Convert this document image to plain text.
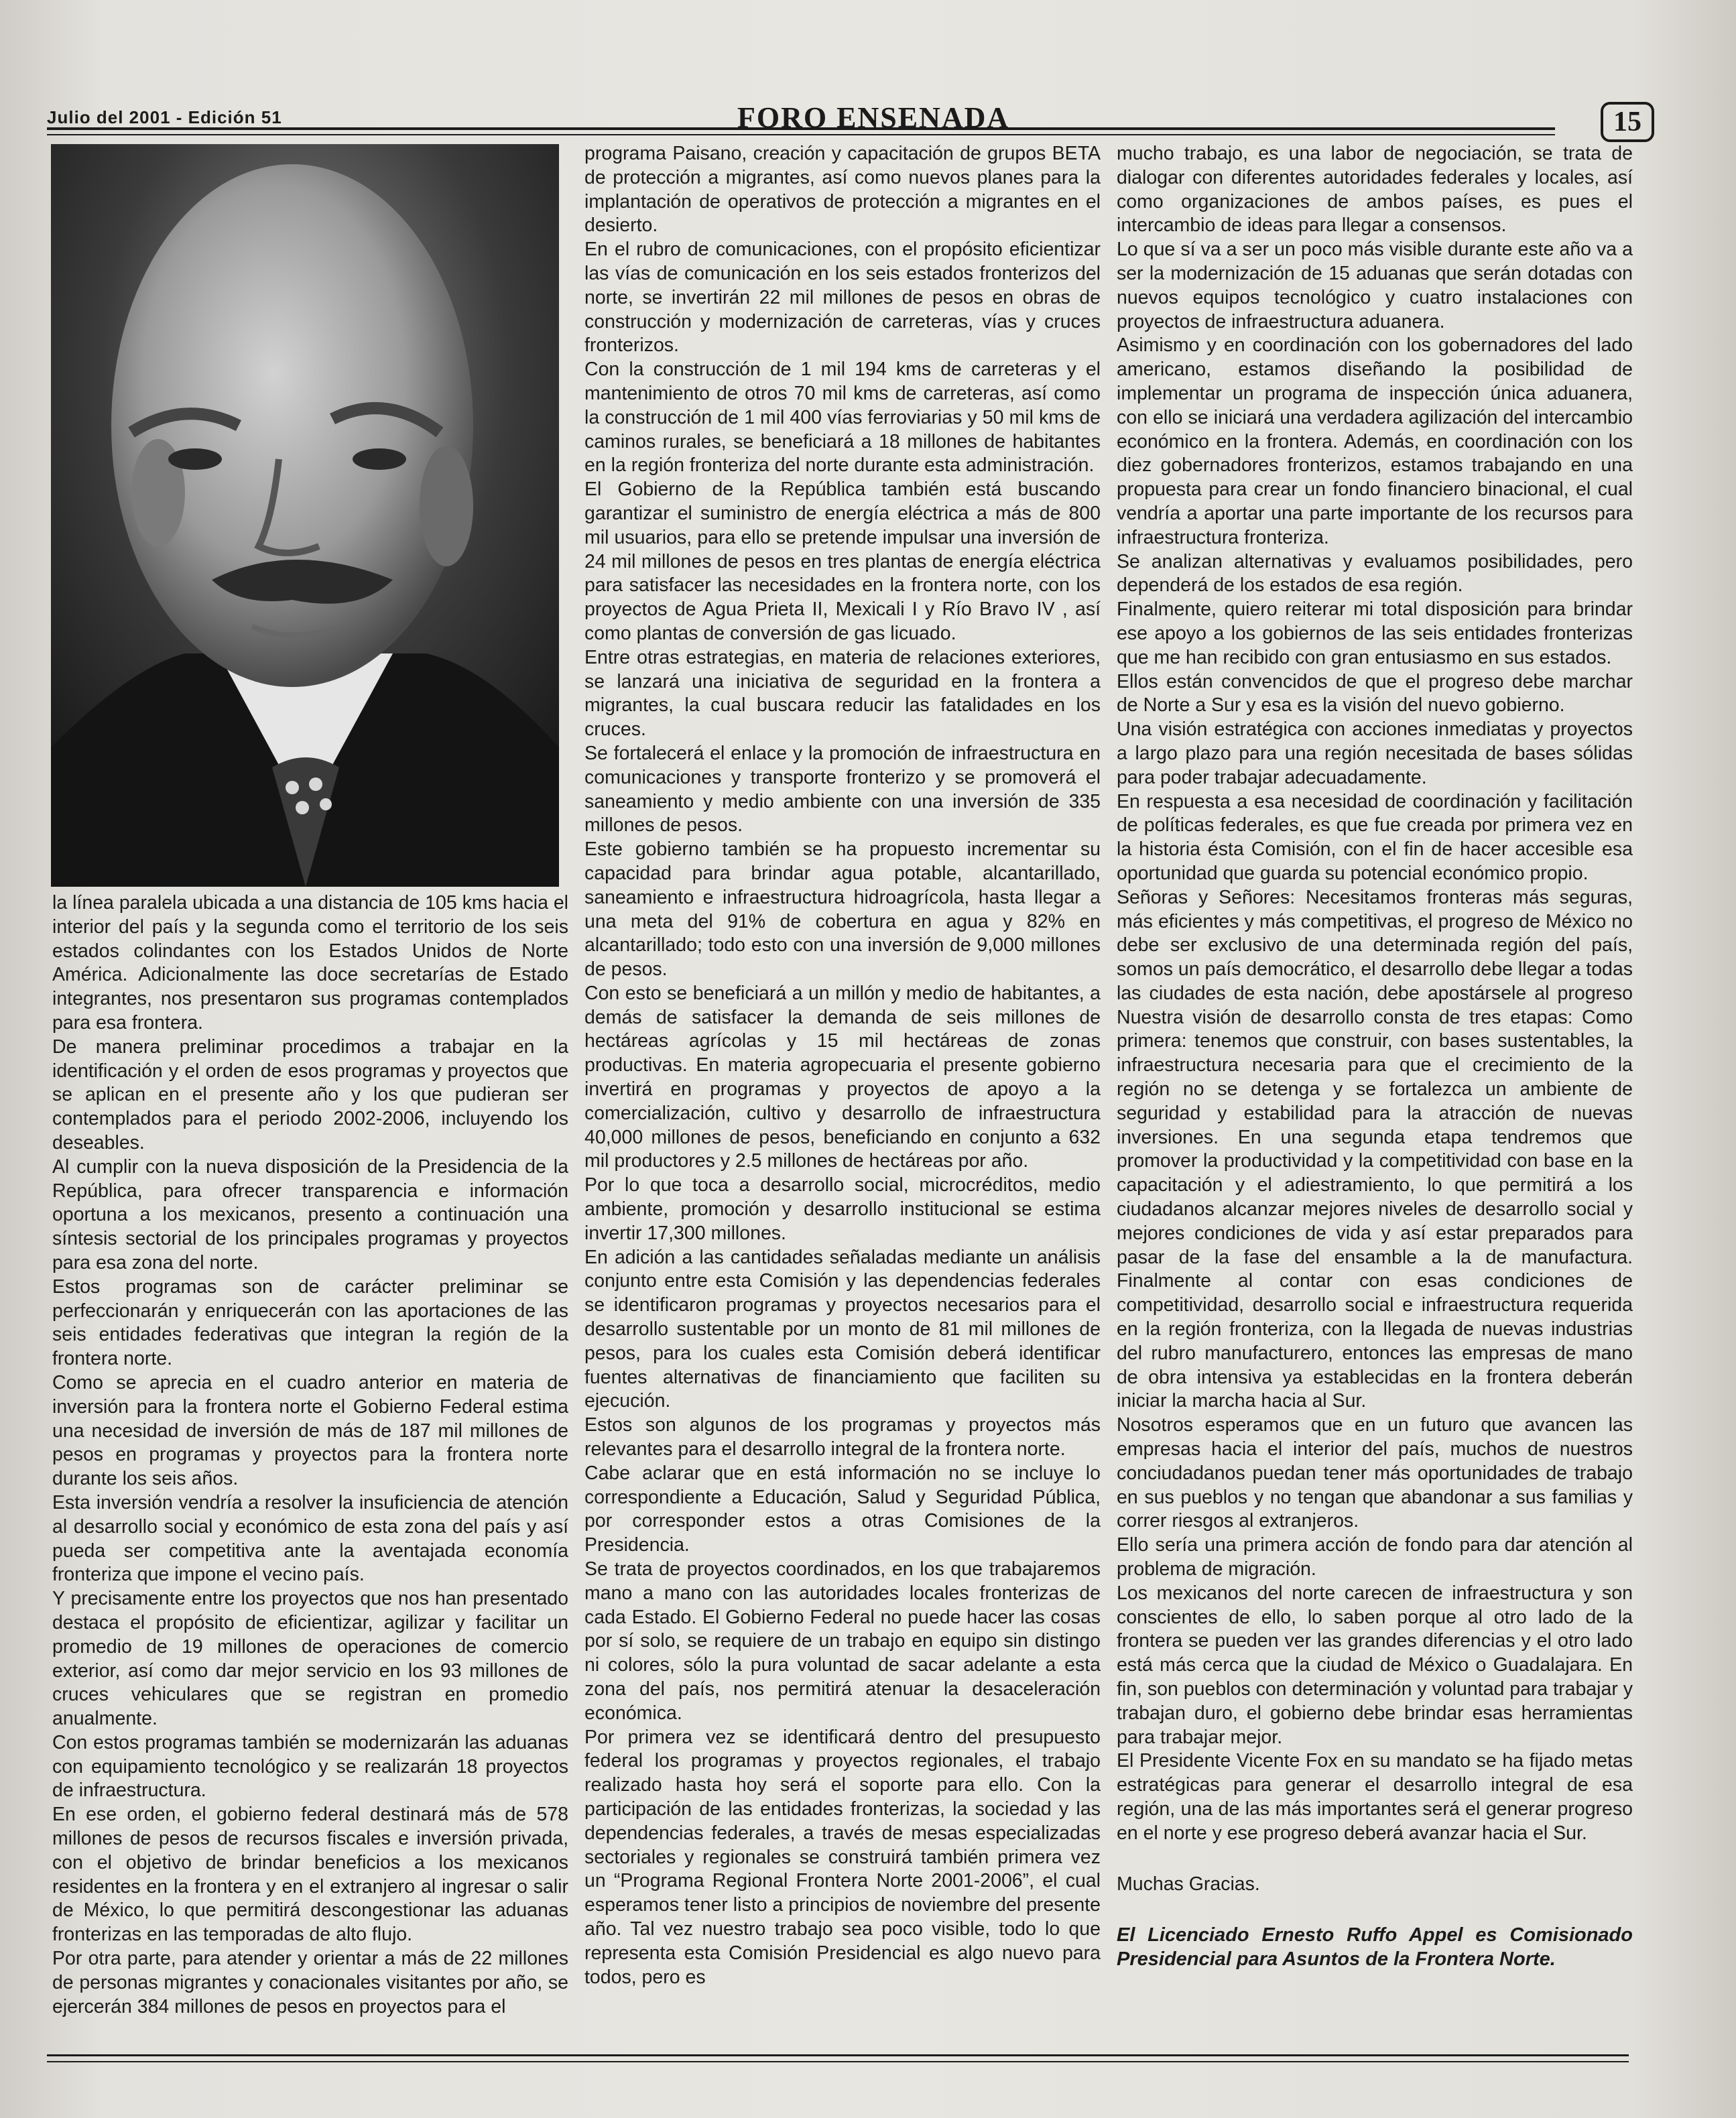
Julio del 2001 - Edición 51	FORO ENSENADA	15

la línea paralela ubicada a una distancia de 105 kms hacia el interior del país y la segunda como el territorio de los seis estados colindantes con los Estados Unidos de Norte América. Adicionalmente las doce secretarías de Estado integrantes, nos presentaron sus programas contemplados para esa frontera.

De manera preliminar procedimos a trabajar en la identificación y el orden de esos programas y proyectos que se aplican en el presente año y los que pudieran ser contemplados para el periodo 2002-2006, incluyendo los deseables.

Al cumplir con la nueva disposición de la Presidencia de la República, para ofrecer transparencia e información oportuna a los mexicanos, presento a continuación una síntesis sectorial de los principales programas y proyectos para esa zona del norte.

Estos programas son de carácter preliminar se perfeccionarán y enriquecerán con las aportaciones de las seis entidades federativas que integran la región de la frontera norte.

Como se aprecia en el cuadro anterior en materia de inversión para la frontera norte el Gobierno Federal estima una necesidad de inversión de más de 187 mil millones de pesos en programas y proyectos para la frontera norte durante los seis años.

Esta inversión vendría a resolver la insuficiencia de atención al desarrollo social y económico de esta zona del país y así pueda ser competitiva ante la aventajada economía fronteriza que impone el vecino país.

Y precisamente entre los proyectos que nos han presentado destaca el propósito de eficientizar, agilizar y facilitar un promedio de 19 millones de operaciones de comercio exterior, así como dar mejor servicio en los 93 millones de cruces vehiculares que se registran en promedio anualmente.

Con estos programas también se modernizarán las aduanas con equipamiento tecnológico y se realizarán 18 proyectos de infraestructura.

En ese orden, el gobierno federal destinará más de 578 millones de pesos de recursos fiscales e inversión privada, con el objetivo de brindar beneficios a los mexicanos residentes en la frontera y en el extranjero al ingresar o salir de México, lo que permitirá descongestionar las aduanas fronterizas en las temporadas de alto flujo.

Por otra parte, para atender y orientar a más de 22 millones de personas migrantes y conacionales visitantes por año, se ejercerán 384 millones de pesos en proyectos para el

programa Paisano, creación y capacitación de grupos BETA de protección a migrantes, así como nuevos planes para la implantación de operativos de protección a migrantes en el desierto.

En el rubro de comunicaciones, con el propósito eficientizar las vías de comunicación en los seis estados fronterizos del norte, se invertirán 22 mil millones de pesos en obras de construcción y modernización de carreteras, vías y cruces fronterizos.

Con la construcción de 1 mil 194 kms de carreteras y el mantenimiento de otros 70 mil kms de carreteras, así como la construcción de 1 mil 400 vías ferroviarias y 50 mil kms de caminos rurales, se beneficiará a 18 millones de habitantes en la región fronteriza del norte durante esta administración.

El Gobierno de la República también está buscando garantizar el suministro de energía eléctrica a más de 800 mil usuarios, para ello se pretende impulsar una inversión de 24 mil millones de pesos en tres plantas de energía eléctrica para satisfacer las necesidades en la frontera norte, con los proyectos de Agua Prieta II, Mexicali I y Río Bravo IV , así como plantas de conversión de gas licuado.

Entre otras estrategias, en materia de relaciones exteriores, se lanzará una iniciativa de seguridad en la frontera a migrantes, la cual buscara reducir las fatalidades en los cruces.

Se fortalecerá el enlace y la promoción de infraestructura en comunicaciones y transporte fronterizo y se promoverá el saneamiento y medio ambiente con una inversión de 335 millones de pesos.

Este gobierno también se ha propuesto incrementar su capacidad para brindar agua potable, alcantarillado, saneamiento e infraestructura hidroagrícola, hasta llegar a una meta del 91% de cobertura en agua y 82% en alcantarillado; todo esto con una inversión de 9,000 millones de pesos.

Con esto se beneficiará a un millón y medio de habitantes, a demás de satisfacer la demanda de seis millones de hectáreas agrícolas y 15 mil hectáreas de zonas productivas. En materia agropecuaria el presente gobierno invertirá en programas y proyectos de apoyo a la comercialización, cultivo y desarrollo de infraestructura 40,000 millones de pesos, beneficiando en conjunto a 632 mil productores y 2.5 millones de hectáreas por año.

Por lo que toca a desarrollo social, microcréditos, medio ambiente, promoción y desarrollo institucional se estima invertir 17,300 millones.

En adición a las cantidades señaladas mediante un análisis conjunto entre esta Comisión y las dependencias federales se identificaron programas y proyectos necesarios para el desarrollo sustentable por un monto de 81 mil millones de pesos, para los cuales esta Comisión deberá identificar fuentes alternativas de financiamiento que faciliten su ejecución.

Estos son algunos de los programas y proyectos más relevantes para el desarrollo integral de la frontera norte.

Cabe aclarar que en está información no se incluye lo correspondiente a Educación, Salud y Seguridad Pública, por corresponder estos a otras Comisiones de la Presidencia.

Se trata de proyectos coordinados, en los que trabajaremos mano a mano con las autoridades locales fronterizas de cada Estado. El Gobierno Federal no puede hacer las cosas por sí solo, se requiere de un trabajo en equipo sin distingo ni colores, sólo la pura voluntad de sacar adelante a esta zona del país, nos permitirá atenuar la desaceleración económica.

Por primera vez se identificará dentro del presupuesto federal los programas y proyectos regionales, el trabajo realizado hasta hoy será el soporte para ello. Con la participación de las entidades fronterizas, la sociedad y las dependencias federales, a través de mesas especializadas sectoriales y regionales se construirá también primera vez un “Programa Regional Frontera Norte 2001-2006”, el cual esperamos tener listo a principios de noviembre del presente año. Tal vez nuestro trabajo sea poco visible, todo lo que representa esta Comisión Presidencial es algo nuevo para todos, pero es

mucho trabajo, es una labor de negociación, se trata de dialogar con diferentes autoridades federales y locales, así como organizaciones de ambos países, es pues el intercambio de ideas para llegar a consensos.

Lo que sí va a ser un poco más visible durante este año va a ser la modernización de 15 aduanas que serán dotadas con nuevos equipos tecnológico y cuatro instalaciones con proyectos de infraestructura aduanera.

Asimismo y en coordinación con los gobernadores del lado americano, estamos diseñando la posibilidad de implementar un programa de inspección única aduanera, con ello se iniciará una verdadera agilización del intercambio económico en la frontera. Además, en coordinación con los diez gobernadores fronterizos, estamos trabajando en una propuesta para crear un fondo financiero binacional, el cual vendría a aportar una parte importante de los recursos para infraestructura fronteriza.

Se analizan alternativas y evaluamos posibilidades, pero dependerá de los estados de esa región.

Finalmente, quiero reiterar mi total disposición para brindar ese apoyo a los gobiernos de las seis entidades fronterizas que me han recibido con gran entusiasmo en sus estados.

Ellos están convencidos de que el progreso debe marchar de Norte a Sur y esa es la visión del nuevo gobierno.

Una visión estratégica con acciones inmediatas y proyectos a largo plazo para una región necesitada de bases sólidas para poder trabajar adecuadamente.

En respuesta a esa necesidad de coordinación y facilitación de políticas federales, es que fue creada por primera vez en la historia ésta Comisión, con el fin de hacer accesible esa oportunidad que guarda su potencial económico propio.

Señoras y Señores: Necesitamos fronteras más seguras, más eficientes y más competitivas, el progreso de México no debe ser exclusivo de una determinada región del país, somos un país democrático, el desarrollo debe llegar a todas las ciudades de esta nación, debe apostársele al progreso Nuestra visión de desarrollo consta de tres etapas: Como primera: tenemos que construir, con bases sustentables, la infraestructura necesaria para que el crecimiento de la región no se detenga y se fortalezca un ambiente de seguridad y estabilidad para la atracción de nuevas inversiones. En una segunda etapa tendremos que promover la productividad y la competitividad con base en la capacitación y el adiestramiento, lo que permitirá a los ciudadanos alcanzar mejores niveles de desarrollo social y mejores condiciones de vida y así estar preparados para pasar de la fase del ensamble a la de manufactura. Finalmente al contar con esas condiciones de competitividad, desarrollo social e infraestructura requerida en la región fronteriza, con la llegada de nuevas industrias del rubro manufacturero, entonces las empresas de mano de obra intensiva ya establecidas en la frontera deberán iniciar la marcha hacia al Sur.

Nosotros esperamos que en un futuro que avancen las empresas hacia el interior del país, muchos de nuestros conciudadanos puedan tener más oportunidades de trabajo en sus pueblos y no tengan que abandonar a sus familias y correr riesgos al extranjeros.

Ello sería una primera acción de fondo para dar atención al problema de migración.

Los mexicanos del norte carecen de infraestructura y son conscientes de ello, lo saben porque al otro lado de la frontera se pueden ver las grandes diferencias y el otro lado está más cerca que la ciudad de México o Guadalajara. En fin, son pueblos con determinación y voluntad para trabajar y trabajan duro, el gobierno debe brindar esas herramientas para trabajar mejor.

El Presidente Vicente Fox en su mandato se ha fijado metas estratégicas para generar el desarrollo integral de esa región, una de las más importantes será el generar progreso en el norte y ese progreso deberá avanzar hacia el Sur.

Muchas Gracias.

El Licenciado Ernesto Ruffo Appel es Comisionado Presidencial para Asuntos de la Frontera Norte.
